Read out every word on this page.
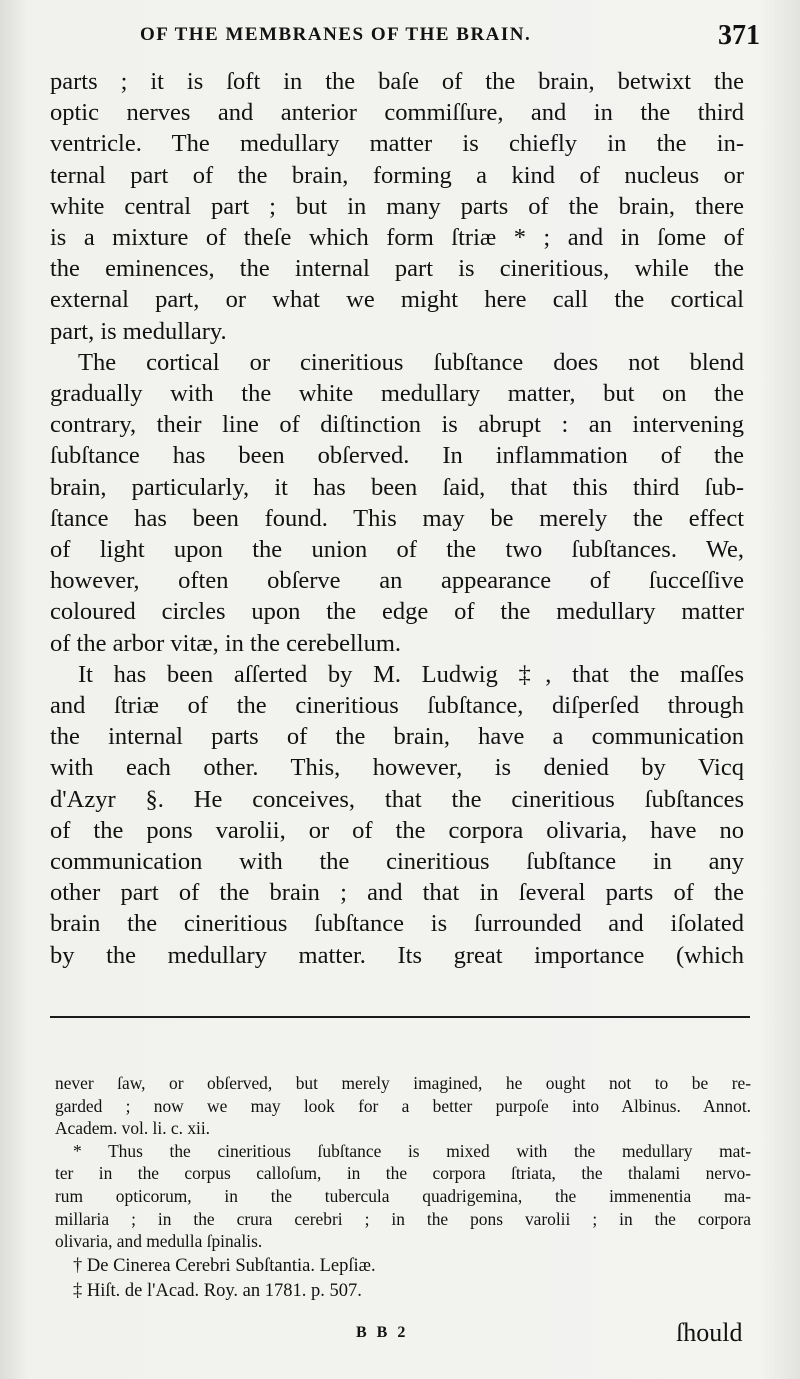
OF THE MEMBRANES OF THE BRAIN.	371

parts ; it is ſoft in the baſe of the brain, betwixt the
optic nerves and anterior commiſſure, and in the third
ventricle. The medullary matter is chiefly in the in-
ternal part of the brain, forming a kind of nucleus or
white central part ; but in many parts of the brain, there
is a mixture of theſe which form ſtriæ * ; and in ſome of
the eminences, the internal part is cineritious, while the
external part, or what we might here call the cortical
part, is medullary.

The cortical or cineritious ſubſtance does not blend
gradually with the white medullary matter, but on the
contrary, their line of diſtinction is abrupt : an intervening
ſubſtance has been obſerved. In inflammation of the
brain, particularly, it has been ſaid, that this third ſub-
ſtance has been found. This may be merely the effect
of light upon the union of the two ſubſtances. We,
however, often obſerve an appearance of ſucceſſive
coloured circles upon the edge of the medullary matter
of the arbor vitæ, in the cerebellum.

It has been aſſerted by M. Ludwig ‡, that the maſſes
and ſtriæ of the cineritious ſubſtance, diſperſed through
the internal parts of the brain, have a communication
with each other. This, however, is denied by Vicq
d'Azyr §. He conceives, that the cineritious ſubſtances
of the pons varolii, or of the corpora olivaria, have no
communication with the cineritious ſubſtance in any
other part of the brain ; and that in ſeveral parts of the
brain the cineritious ſubſtance is ſurrounded and iſolated
by the medullary matter. Its great importance (which

never ſaw, or obſerved, but merely imagined, he ought not to be re-
garded ; now we may look for a better purpoſe into Albinus. Annot.
Academ. vol. li. c. xii.

* Thus the cineritious ſubſtance is mixed with the medullary mat-
ter in the corpus calloſum, in the corpora ſtriata, the thalami nervo-
rum opticorum, in the tubercula quadrigemina, the immenentia ma-
millaria ; in the crura cerebri ; in the pons varolii ; in the corpora
olivaria, and medulla ſpinalis.

† De Cinerea Cerebri Subſtantia. Lepſiæ.

‡ Hiſt. de l'Acad. Roy. an 1781. p. 507.

B B 2	ſhould
